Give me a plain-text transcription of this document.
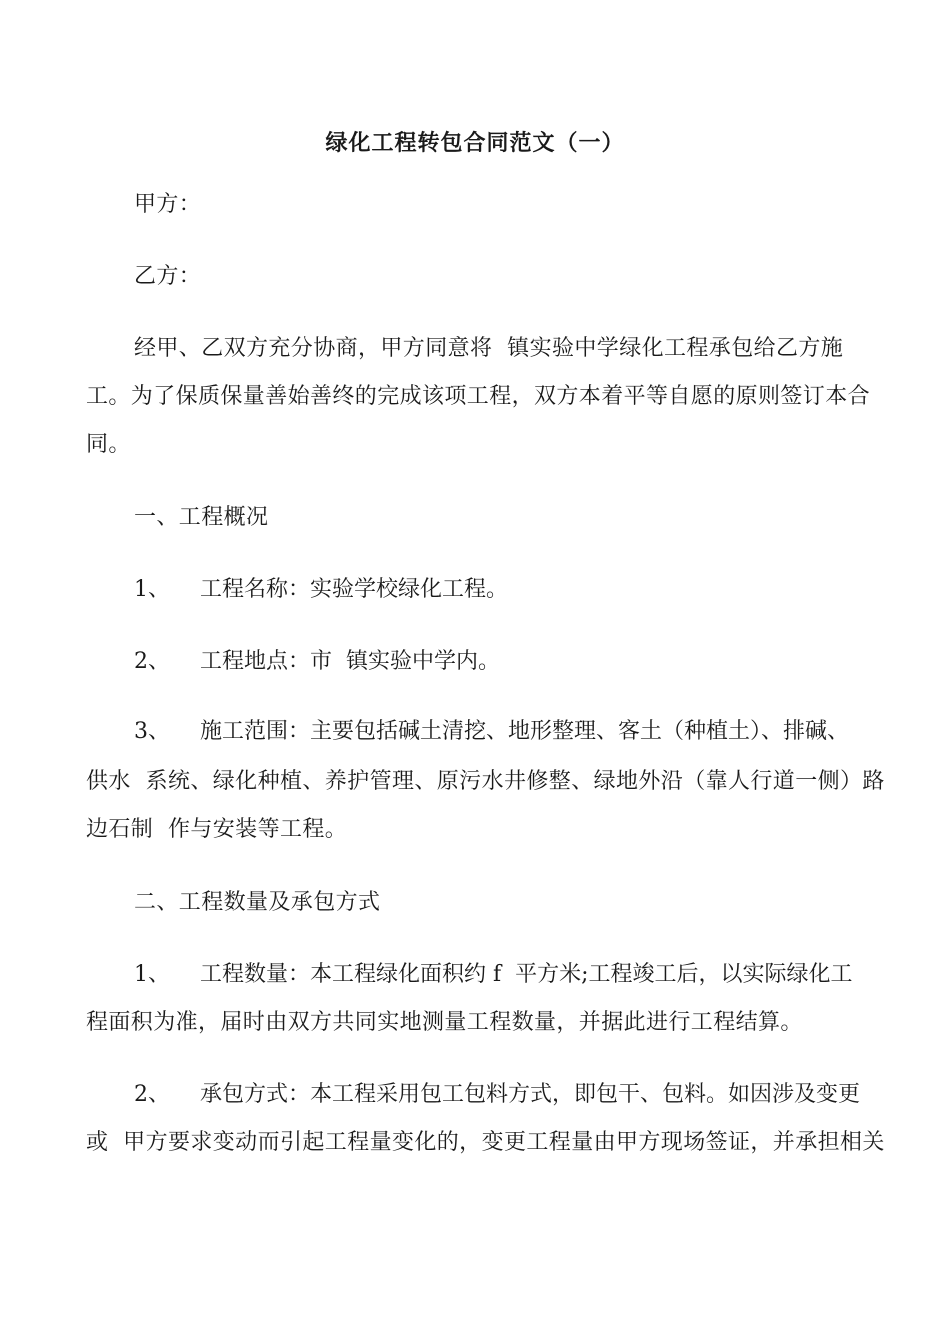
绿化工程转包合同范文（一）
甲方：
乙方：
经甲、乙双方充分协商，甲方同意将  镇实验中学绿化工程承包给乙方施
工。为了保质保量善始善终的完成该项工程，双方本着平等自愿的原则签订本合
同。
一、工程概况
1、 工程名称：实验学校绿化工程。
2、 工程地点：市  镇实验中学内。
3、 施工范围：主要包括碱土清挖、地形整理、客土（种植土）、排碱、
供水  系统、绿化种植、养护管理、原污水井修整、绿地外沿（靠人行道一侧）路
边石制  作与安装等工程。
二、工程数量及承包方式
1、 工程数量：本工程绿化面积约 f  平方米;工程竣工后，以实际绿化工
程面积为准，届时由双方共同实地测量工程数量，并据此进行工程结算。
2、 承包方式：本工程采用包工包料方式，即包干、包料。如因涉及变更
或  甲方要求变动而引起工程量变化的，变更工程量由甲方现场签证，并承担相关
